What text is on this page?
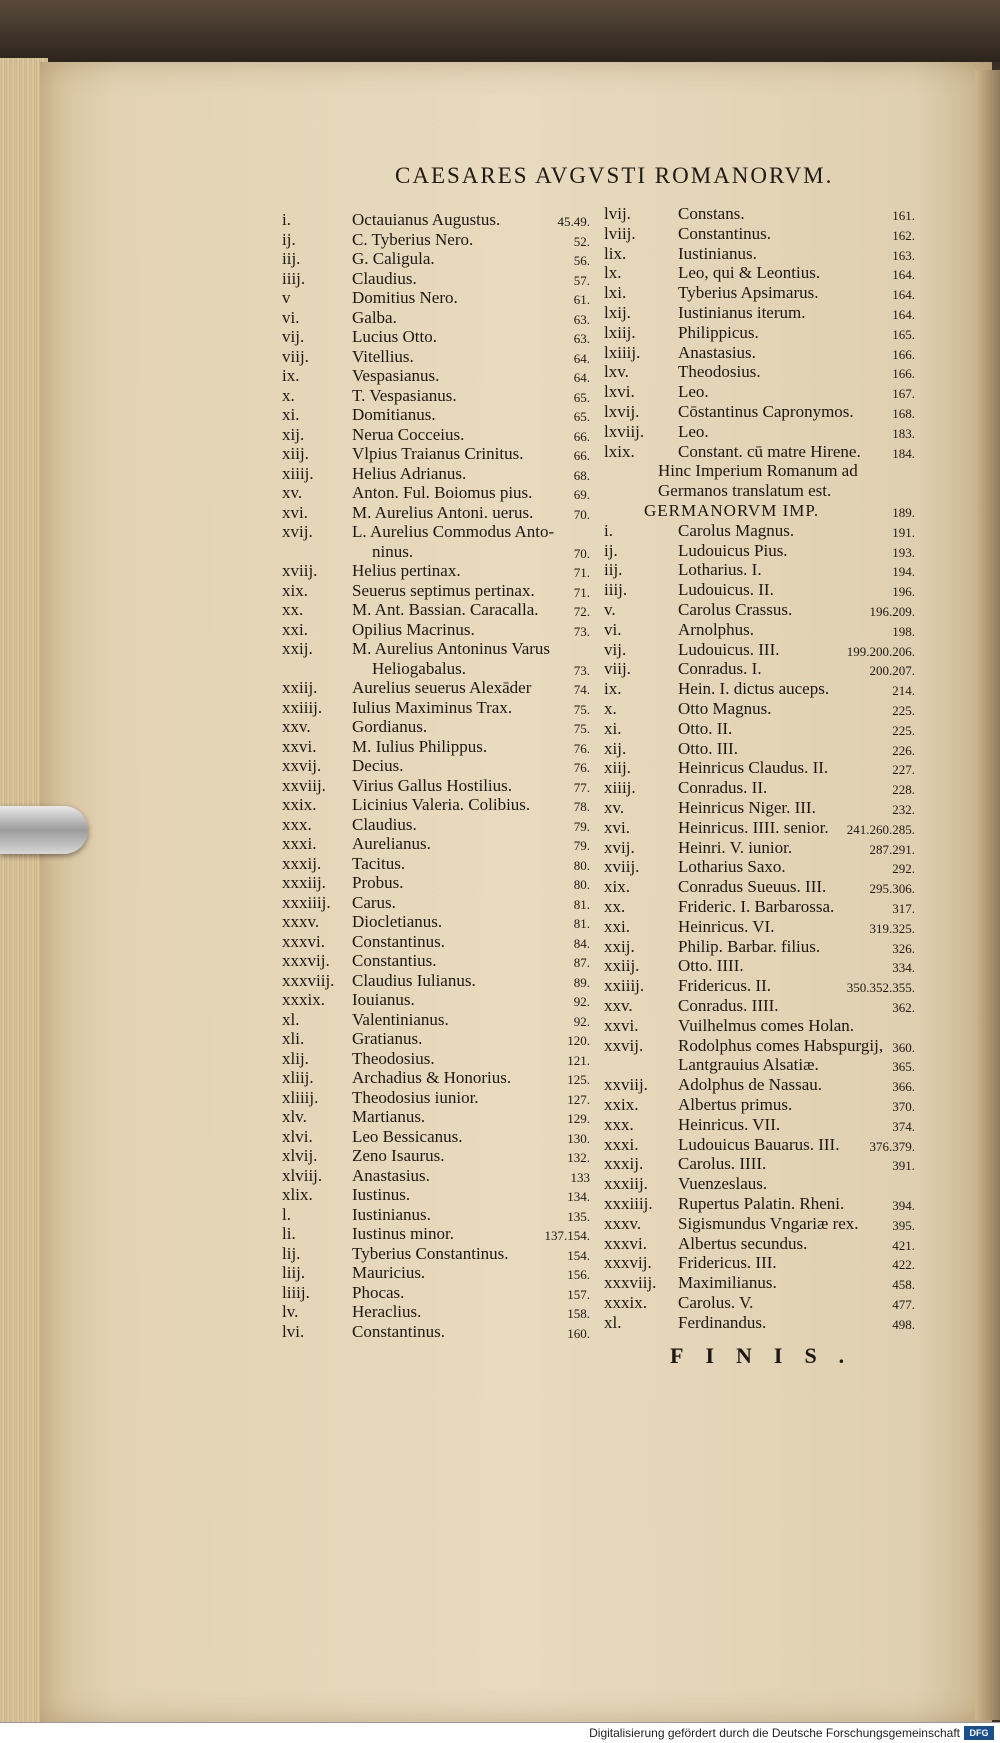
CAESARES AVGVSTI ROMANORVM.
i.	Octauianus Augustus.	45.49.
ij.	C. Tyberius Nero.	52.
iij.	G. Caligula.	56.
iiij.	Claudius.	57.
v	Domitius Nero.	61.
vi.	Galba.	63.
vij.	Lucius Otto.	63.
viij.	Vitellius.	64.
ix.	Vespasianus.	64.
x.	T. Vespasianus.	65.
xi.	Domitianus.	65.
xij.	Nerua Cocceius.	66.
xiij.	Vlpius Traianus Crinitus.	66.
xiiij. Helius Adrianus.	68.
xv.	Anton. Ful. Boiomus pius.	69.
xvi.	M. Aurelius Antoni. uerus.	70.
xvij. L. Aurelius Commodus Anto-
ninus.	70.
xviij. Helius pertinax.	71.
xix.	Seuerus septimus pertinax.	71.
xx.	M. Ant. Bassian. Caracalla.	72.
xxi.	Opilius Macrinus.	73.
xxij. M. Aurelius Antoninus Varus
Heliogabalus.	73.
xxiij. Aurelius seuerus Alexāder	74.
xxiiij. Iulius Maximinus Trax.	75.
xxv. Gordianus.	75.
xxvi. M. Iulius Philippus.	76.
xxvij. Decius.	76.
xxviij. Virius Gallus Hostilius.	77.
xxix. Licinius Valeria. Colibius.	78.
xxx. Claudius.	79.
xxxi. Aurelianus.	79.
xxxij. Tacitus.	80.
xxxiij. Probus.	80.
xxxiiij. Carus.	81.
xxxv. Diocletianus.	81.
xxxvi. Constantinus.	84.
xxxvij. Constantius.	87.
xxxviij. Claudius Iulianus.	89.
xxxix. Iouianus.	92.
xl.	Valentinianus.	92.
xli.	Gratianus.	120.
xlij.	Theodosius.	121.
xliij. Archadius & Honorius.	125.
xliiij. Theodosius iunior.	127.
xlv.	Martianus.	129.
xlvi. Leo Bessicanus.	130.
xlvij. Zeno Isaurus.	132.
xlviij. Anastasius.	133
xlix. Iustinus.	134.
l.	Iustinianus.	135.
li.	Iustinus minor.	137.154.
lij.	Tyberius Constantinus.	154.
liij.	Mauricius.	156.
liiij. Phocas.	157.
lv.	Heraclius.	158.
lvi.	Constantinus.	160.
lvij.	Constans.	161.
lviij. Constantinus.	162.
lix.	Iustinianus.	163.
lx.	Leo, qui & Leontius.	164.
lxi.	Tyberius Apsimarus.	164.
lxij.	Iustinianus iterum.	164.
lxiij. Philippicus.	165.
lxiiij. Anastasius.	166.
lxv.	Theodosius.	166.
lxvi.	Leo.	167.
lxvij. Cōstantinus Capronymos.	168.
lxviij. Leo.	183.
lxix.	Constant. cū matre Hirene.	184.
Hinc Imperium Romanum ad
Germanos translatum est.
GERMANORVM IMP.	189.
i.	Carolus Magnus.	191.
ij.	Ludouicus Pius.	193.
iij.	Lotharius. I.	194.
iiij.	Ludouicus. II.	196.
v.	Carolus Crassus.	196.209.
vi.	Arnolphus.	198.
vij.	Ludouicus. III.	199.200.206.
viij.	Conradus. I.	200.207.
ix.	Hein. I. dictus auceps.	214.
x.	Otto Magnus.	225.
xi.	Otto. II.	225.
xij.	Otto. III.	226.
xiij.	Heinricus Claudus. II.	227.
xiiij. Conradus. II.	228.
xv.	Heinricus Niger. III.	232.
xvi.	Heinricus. IIII. senior.	241.260.285.
xvij.	Heinri. V. iunior.	287.291.
xviij. Lotharius Saxo.	292.
xix.	Conradus Sueuus. III.	295.306.
xx.	Frideric. I. Barbarossa.	317.
xxi.	Heinricus. VI.	319.325.
xxij.	Philip. Barbar. filius.	326.
xxiij. Otto. IIII.	334.
xxiiij. Fridericus. II.	350.352.355.
xxv.	Conradus. IIII.	362.
xxvi. Vuilhelmus comes Holan.
xxvij. Rodolphus comes Habspurgij, 360.
Lantgrauius Alsatiæ.	365.
xxviij. Adolphus de Nassau.	366.
xxix. Albertus primus.	370.
xxx.	Heinricus. VII.	374.
xxxi. Ludouicus Bauarus. III.	376.379.
xxxij. Carolus. IIII.	391.
xxxiij. Vuenzeslaus.
xxxiiij. Rupertus Palatin. Rheni.	394.
xxxv. Sigismundus Vngariæ rex.	395.
xxxvi. Albertus secundus.	421.
xxxvij. Fridericus. III.	422.
xxxviij. Maximilianus.	458.
xxxix. Carolus. V.	477.
xl.	Ferdinandus.	498.
FINIS.
Digitalisierung gefördert durch die Deutsche Forschungsgemeinschaft	DFG
